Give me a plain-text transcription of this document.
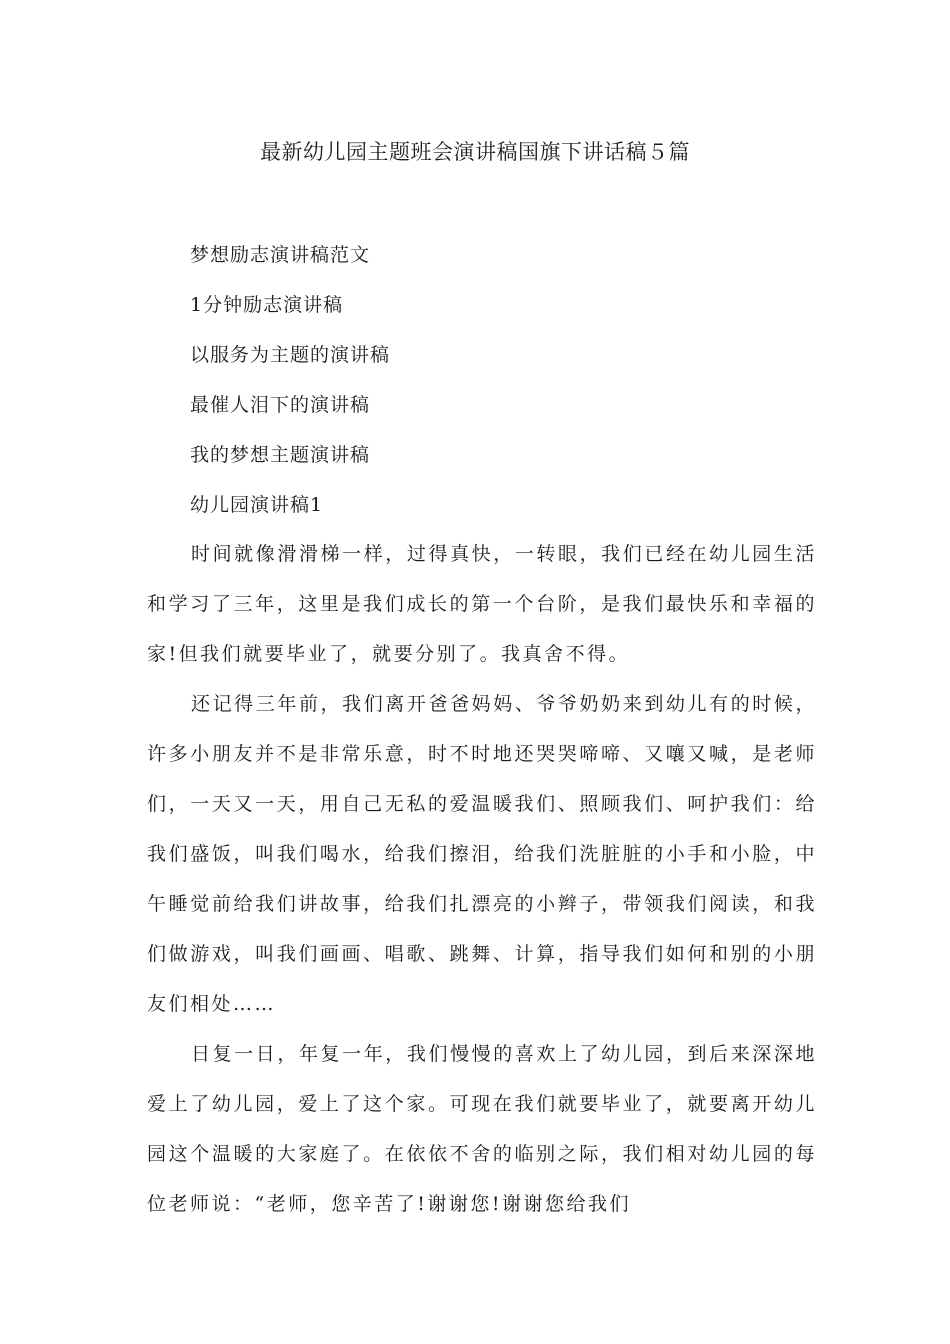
最新幼儿园主题班会演讲稿国旗下讲话稿５篇
梦想励志演讲稿范文
1分钟励志演讲稿
以服务为主题的演讲稿
最催人泪下的演讲稿
我的梦想主题演讲稿
幼儿园演讲稿1

时间就像滑滑梯一样，过得真快，一转眼，我们已经在幼儿园生活和学习了三年，这里是我们成长的第一个台阶，是我们最快乐和幸福的家!但我们就要毕业了，就要分别了。我真舍不得。

还记得三年前，我们离开爸爸妈妈、爷爷奶奶来到幼儿有的时候，许多小朋友并不是非常乐意，时不时地还哭哭啼啼、又嚷又喊，是老师们，一天又一天，用自己无私的爱温暖我们、照顾我们、呵护我们：给我们盛饭，叫我们喝水，给我们擦泪，给我们洗脏脏的小手和小脸，中午睡觉前给我们讲故事，给我们扎漂亮的小辫子，带领我们阅读，和我们做游戏，叫我们画画、唱歌、跳舞、计算，指导我们如何和别的小朋友们相处……

日复一日，年复一年，我们慢慢的喜欢上了幼儿园，到后来深深地爱上了幼儿园，爱上了这个家。可现在我们就要毕业了，就要离开幼儿园这个温暖的大家庭了。在依依不舍的临别之际，我们相对幼儿园的每位老师说：“老师，您辛苦了!谢谢您!谢谢您给我们
